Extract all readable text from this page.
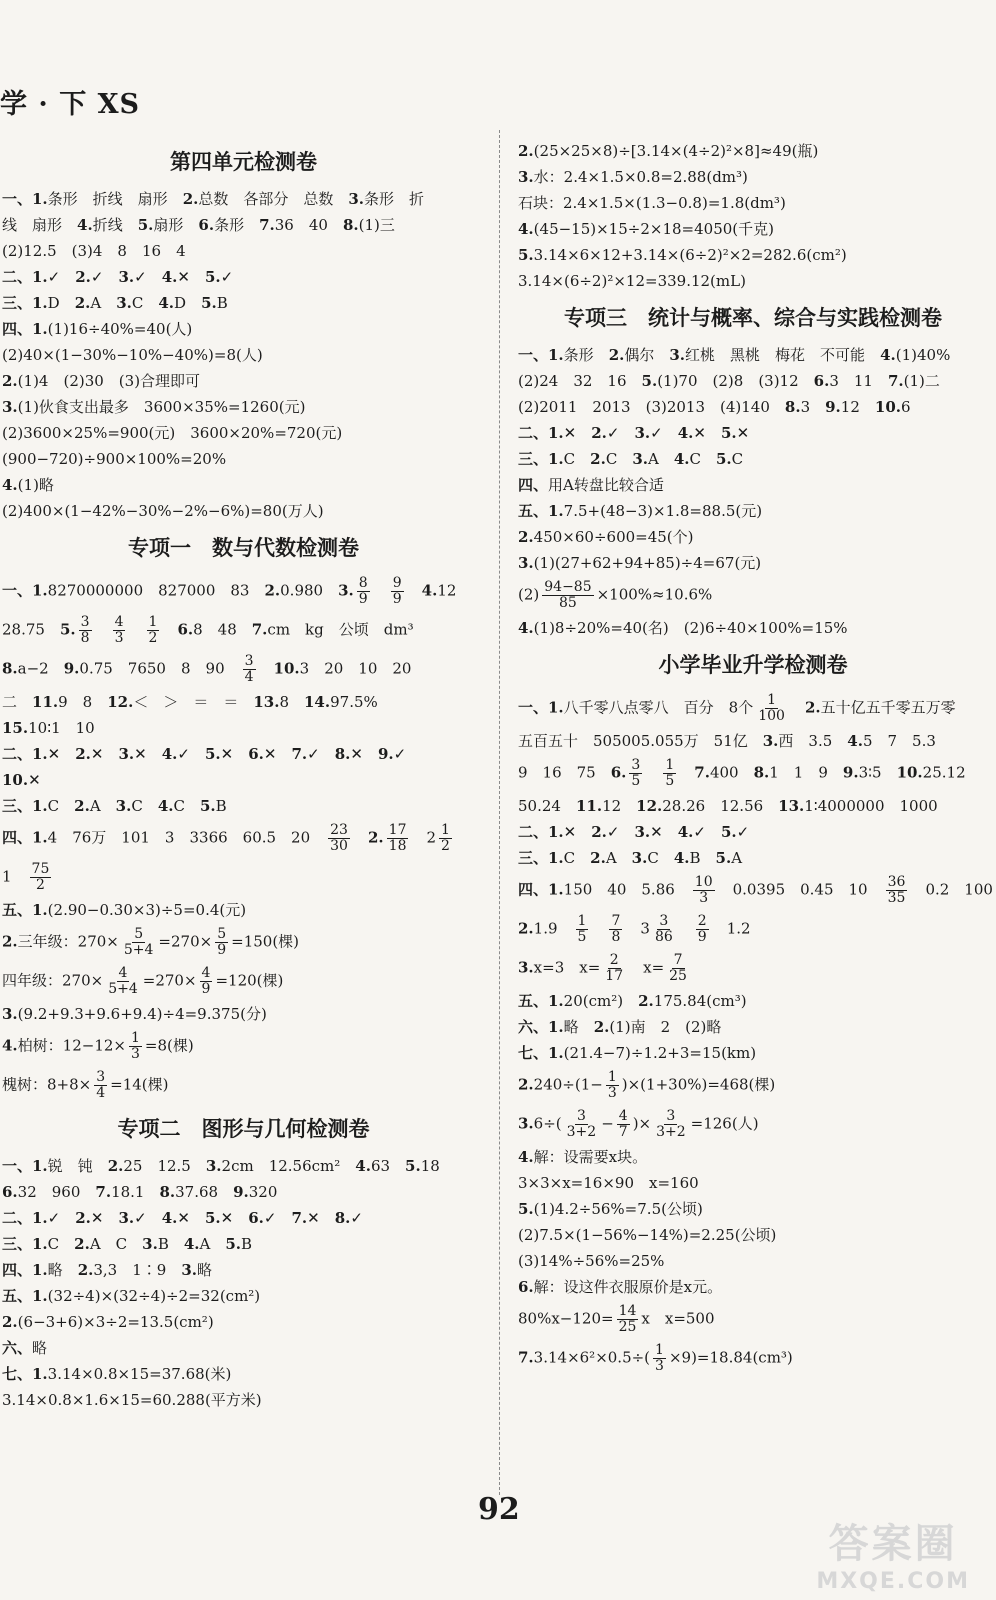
学 · 下 XS
第四单元检测卷
一、1.条形　折线　扇形　2.总数　各部分　总数　3.条形　折
线　扇形　4.折线　5.扇形　6.条形　7.36　40　8.(1)三
(2)12.5　(3)4　8　16　4
二、1.✓　2.✓　3.✓　4.✕　5.✓
三、1.D　2.A　3.C　4.D　5.B
四、1.(1)16÷40%=40(人)
(2)40×(1−30%−10%−40%)=8(人)
2.(1)4　(2)30　(3)合理即可
3.(1)伙食支出最多　3600×35%=1260(元)
(2)3600×25%=900(元)　3600×20%=720(元)
(900−720)÷900×100%=20%
4.(1)略
(2)400×(1−42%−30%−2%−6%)=80(万人)
专项一　数与代数检测卷
一、1.8270000000　827000　83　2.0.980　3. $\frac{8}{9}$
　 $\frac{9}{9}$
　 4.12
28.75　5. $\frac{3}{8}$
　 $\frac{4}{3}$
　 $\frac{1}{2}$
　 6.8　48　7.cm　kg　公顷　dm³
8.a−2　9.0.75　7650　8　90　 $\frac{3}{4}$
　 10.3　20　10　20
二　11.9　8　12.＜　＞　＝　＝　13.8　14.97.5%
15.10∶1　10
二、1.✕　2.✕　3.✕　4.✓　5.✕　6.✕　7.✓　8.✕　9.✓
10.✕
三、1.C　2.A　3.C　4.C　5.B
四、1.4　76万　101　3　3366　60.5　20　 $\frac{23}{30}$
　 2. $\frac{17}{18}$ 　$2 \frac{1}{2}$
1　 $\frac{75}{2}$
五、1.(2.90−0.30×3)÷5=0.4(元)
2.三年级：$270\times \frac{5}{5+4} =270\times \frac{5}{9} =150$(棵)
四年级：$270\times \frac{4}{5+4} =270\times \frac{4}{9} =120$(棵)
3.(9.2+9.3+9.6+9.4)÷4=9.375(分)
4.柏树：$12-12\times \frac{1}{3} =8$(棵)
槐树：$8+8\times \frac{3}{4} =14$(棵)
专项二　图形与几何检测卷
一、1.锐　钝　2.25　12.5　3.2cm　12.56cm²　4.63　5.18
6.32　960　7.18.1　8.37.68　9.320
二、1.✓　2.✕　3.✓　4.✕　5.✕　6.✓　7.✕　8.✓
三、1.C　2.A　C　3.B　4.A　5.B
四、1.略　2.3,3　1∶9　3.略
五、1.(32÷4)×(32÷4)÷2=32(cm²)
2.(6−3+6)×3÷2=13.5(cm²)
六、略
七、1.3.14×0.8×15=37.68(米)
3.14×0.8×1.6×15=60.288(平方米)
2.(25×25×8)÷[3.14×(4÷2)²×8]≈49(瓶)
3.水：2.4×1.5×0.8=2.88(dm³)
石块：2.4×1.5×(1.3−0.8)=1.8(dm³)
4.(45−15)×15÷2×18=4050(千克)
5.3.14×6×12+3.14×(6÷2)²×2=282.6(cm²)
3.14×(6÷2)²×12=339.12(mL)
专项三　统计与概率、综合与实践检测卷
一、1.条形　2.偶尔　3.红桃　黑桃　梅花　不可能　4.(1)40%
(2)24　32　16　5.(1)70　(2)8　(3)12　6.3　11　7.(1)二
(2)2011　2013　(3)2013　(4)140　8.3　9.12　10.6
二、1.✕　2.✓　3.✓　4.✕　5.✕
三、1.C　2.C　3.A　4.C　5.C
四、用A转盘比较合适
五、1.7.5+(48−3)×1.8=88.5(元)
2.450×60÷600=45(个)
3.(1)(27+62+94+85)÷4=67(元)
$(2) \frac{94-85}{85} \times 100\%\approx 10.6\%$
4.(1)8÷20%=40(名)　(2)6÷40×100%=15%
小学毕业升学检测卷
一、1.八千零八点零八　百分　8个 $\frac{1}{100}$
　 2.五十亿五千零五万零
五百五十　505005.055万　51亿　3.西　3.5　4.5　7　5.3
9　16　75　6. $\frac{3}{5}$
　 $\frac{1}{5}$
　 7.400　8.1　1　9　9.3∶5　10.25.12
50.24　11.12　12.28.26　12.56　13.1∶4000000　1000
二、1.✕　2.✓　3.✕　4.✓　5.✓
三、1.C　2.A　3.C　4.B　5.A
四、1.150　40　5.86　 $\frac{10}{3}$ 　0.0395　0.45　10　 $\frac{36}{35}$ 　0.2　100
2.1.9　 $\frac{1}{5}$
　 $\frac{7}{8}$ 　$3 \frac{3}{86}$
　 $\frac{2}{9}$ 　1.2
3.x=3　$x= \frac{2}{17}$ 　$x= \frac{7}{25}$
五、1.20(cm²)　2.175.84(cm³)
六、1.略　2.(1)南　2　(2)略
七、1.(21.4−7)÷1.2+3=15(km)
$2.240\div(1- \frac{1}{3} )\times(1+30\%)=468$(棵)
$3.6\div( \frac{3}{3+2} - \frac{4}{7}$ )× $\frac{3}{3+2} =126$(人)
4.解：设需要x块。
3×3×x=16×90　x=160
5.(1)4.2÷56%=7.5(公顷)
(2)7.5×(1−56%−14%)=2.25(公顷)
(3)14%÷56%=25%
6.解：设这件衣服原价是x元。
$80\%x-120= \frac{14}{25}$ x　x=500
$7.3.14\times 6^2\times 0.5\div( \frac{1}{3} \times 9)=18.84(cm^3)$
92
答案圈
MXQE.COM
